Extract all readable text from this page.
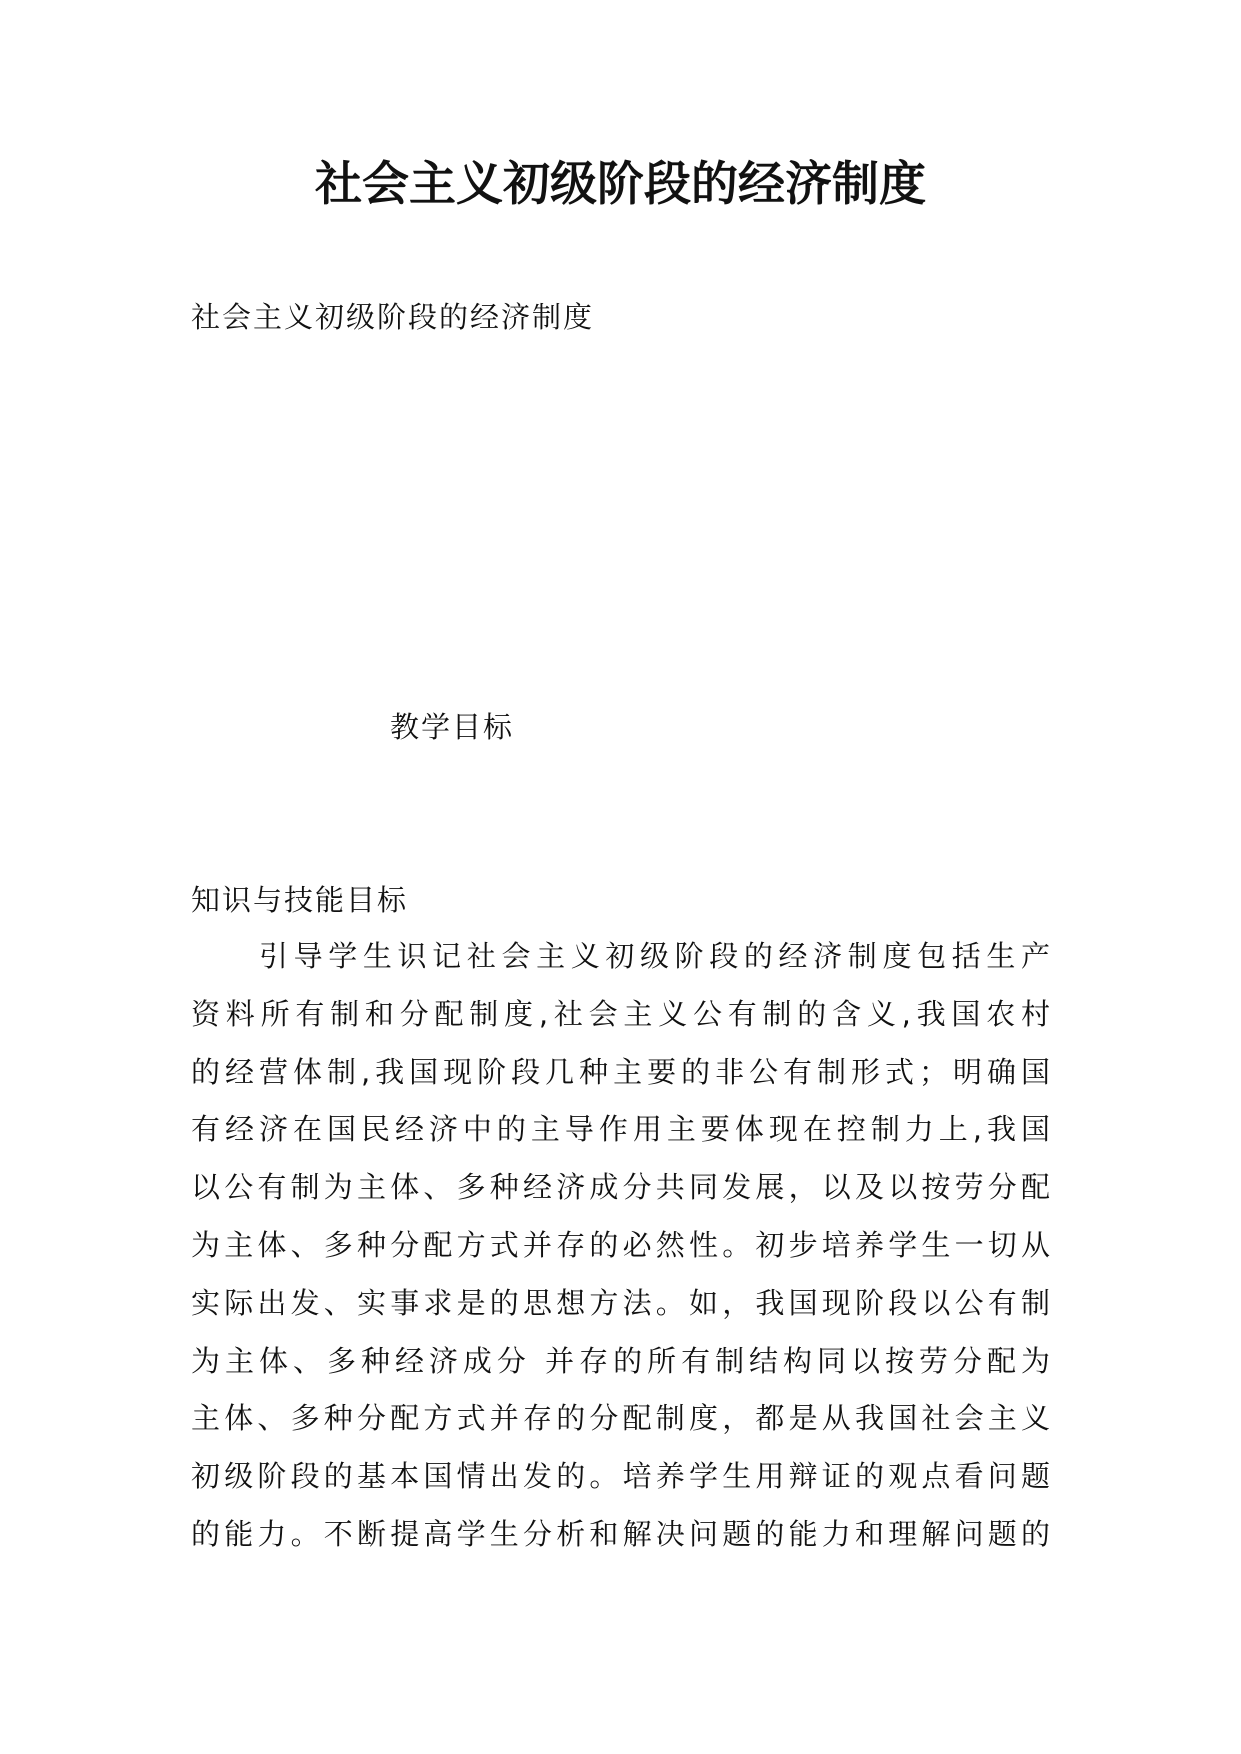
社会主义初级阶段的经济制度

社会主义初级阶段的经济制度

教学目标

知识与技能目标

引导学生识记社会主义初级阶段的经济制度包括生产
资料所有制和分配制度,社会主义公有制的含义,我国农村
的经营体制,我国现阶段几种主要的非公有制形式；明确国
有经济在国民经济中的主导作用主要体现在控制力上,我国
以公有制为主体、多种经济成分共同发展，以及以按劳分配
为主体、多种分配方式并存的必然性。初步培养学生一切从
实际出发、实事求是的思想方法。如，我国现阶段以公有制
为主体、多种经济成分 并存的所有制结构同以按劳分配为
主体、多种分配方式并存的分配制度，都是从我国社会主义
初级阶段的基本国情出发的。培养学生用辩证的观点看问题
的能力。不断提高学生分析和解决问题的能力和理解问题的
